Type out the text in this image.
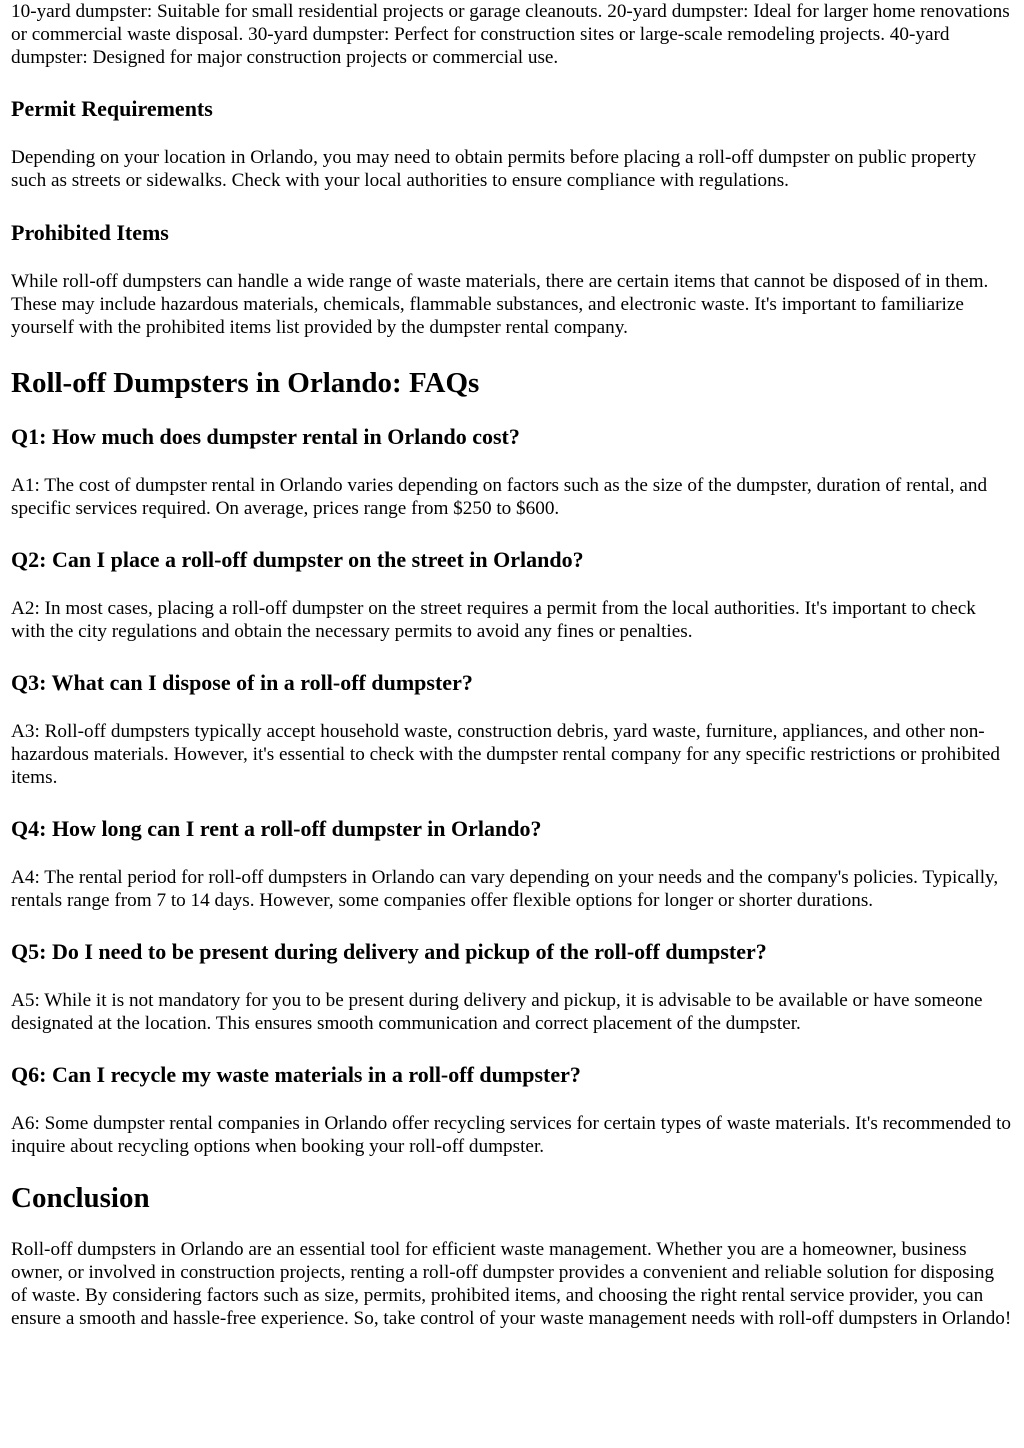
10-yard dumpster: Suitable for small residential projects or garage cleanouts. 20-yard dumpster: Ideal for larger home renovations or commercial waste disposal. 30-yard dumpster: Perfect for construction sites or large-scale remodeling projects. 40-yard dumpster: Designed for major construction projects or commercial use.

Permit Requirements

Depending on your location in Orlando, you may need to obtain permits before placing a roll-off dumpster on public property such as streets or sidewalks. Check with your local authorities to ensure compliance with regulations.

Prohibited Items

While roll-off dumpsters can handle a wide range of waste materials, there are certain items that cannot be disposed of in them. These may include hazardous materials, chemicals, flammable substances, and electronic waste. It's important to familiarize yourself with the prohibited items list provided by the dumpster rental company.

Roll-off Dumpsters in Orlando: FAQs
Q1: How much does dumpster rental in Orlando cost?

A1: The cost of dumpster rental in Orlando varies depending on factors such as the size of the dumpster, duration of rental, and specific services required. On average, prices range from $250 to $600.

Q2: Can I place a roll-off dumpster on the street in Orlando?

A2: In most cases, placing a roll-off dumpster on the street requires a permit from the local authorities. It's important to check with the city regulations and obtain the necessary permits to avoid any fines or penalties.

Q3: What can I dispose of in a roll-off dumpster?

A3: Roll-off dumpsters typically accept household waste, construction debris, yard waste, furniture, appliances, and other non-hazardous materials. However, it's essential to check with the dumpster rental company for any specific restrictions or prohibited items.

Q4: How long can I rent a roll-off dumpster in Orlando?

A4: The rental period for roll-off dumpsters in Orlando can vary depending on your needs and the company's policies. Typically, rentals range from 7 to 14 days. However, some companies offer flexible options for longer or shorter durations.

Q5: Do I need to be present during delivery and pickup of the roll-off dumpster?

A5: While it is not mandatory for you to be present during delivery and pickup, it is advisable to be available or have someone designated at the location. This ensures smooth communication and correct placement of the dumpster.

Q6: Can I recycle my waste materials in a roll-off dumpster?

A6: Some dumpster rental companies in Orlando offer recycling services for certain types of waste materials. It's recommended to inquire about recycling options when booking your roll-off dumpster.

Conclusion

Roll-off dumpsters in Orlando are an essential tool for efficient waste management. Whether you are a homeowner, business owner, or involved in construction projects, renting a roll-off dumpster provides a convenient and reliable solution for disposing of waste. By considering factors such as size, permits, prohibited items, and choosing the right rental service provider, you can ensure a smooth and hassle-free experience. So, take control of your waste management needs with roll-off dumpsters in Orlando!
